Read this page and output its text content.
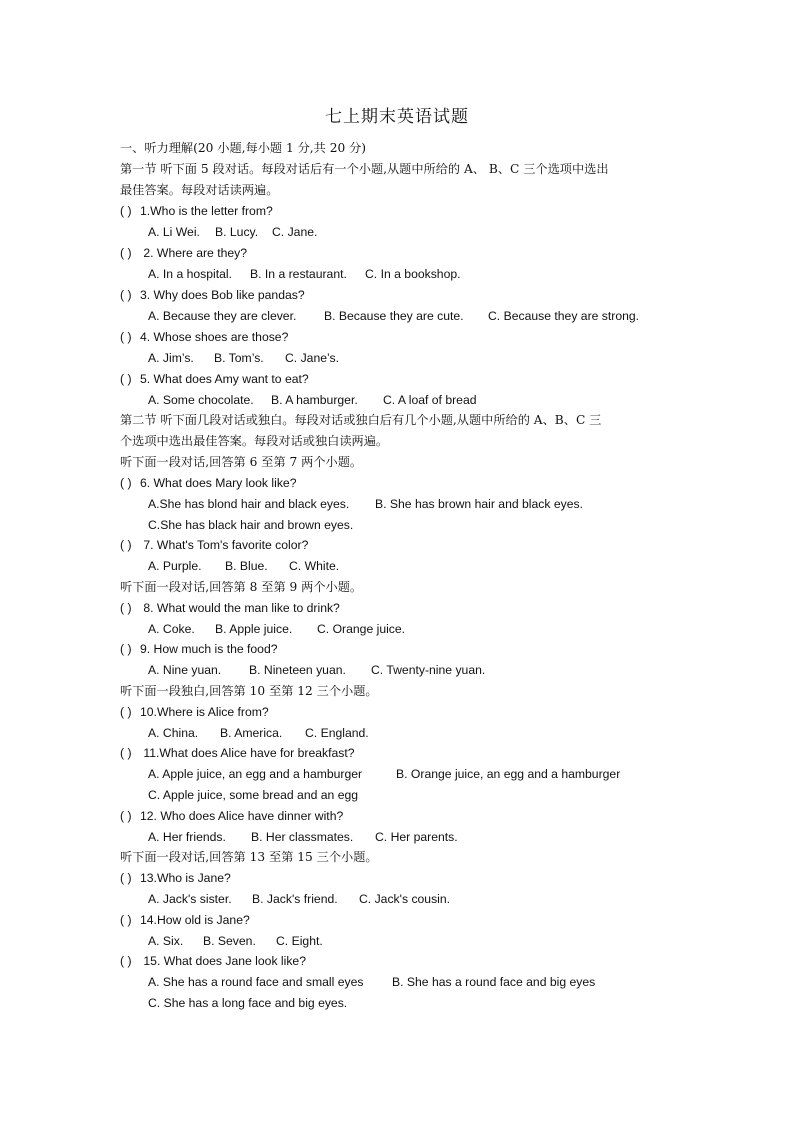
七上期末英语试题
一、听力理解(20 小题,每小题 1 分,共 20 分)
第一节 听下面 5 段对话。每段对话后有一个小题,从题中所给的 A、 B、C 三个选项中选出
最佳答案。每段对话读两遍。
( ) 1.Who is the letter from?
A. Li Wei. B. Lucy. C. Jane.
( ) 2. Where are they?
A. In a hospital. B. In a restaurant. C. In a bookshop.
( ) 3. Why does Bob like pandas?
A. Because they are clever. B. Because they are cute. C. Because they are strong.
( ) 4. Whose shoes are those?
A. Jim’s. B. Tom’s. C. Jane’s.
( ) 5. What does Amy want to eat?
A. Some chocolate. B. A hamburger. C. A loaf of bread
第二节 听下面几段对话或独白。每段对话或独白后有几个小题,从题中所给的 A、B、C 三
个选项中选出最佳答案。每段对话或独白读两遍。
听下面一段对话,回答第 6 至第 7 两个小题。
( ) 6. What does Mary look like?
A.She has blond hair and black eyes. B. She has brown hair and black eyes.
C.She has black hair and brown eyes.
( ) 7. What's Tom's favorite color?
A. Purple. B. Blue. C. White.
听下面一段对话,回答第 8 至第 9 两个小题。
( ) 8. What would the man like to drink?
A. Coke. B. Apple juice. C. Orange juice.
( ) 9. How much is the food?
A. Nine yuan. B. Nineteen yuan. C. Twenty-nine yuan.
听下面一段独白,回答第 10 至第 12 三个小题。
( ) 10.Where is Alice from?
A. China. B. America. C. England.
( ) 11.What does Alice have for breakfast?
A. Apple juice, an egg and a hamburger	B. Orange juice, an egg and a hamburger
C. Apple juice, some bread and an egg
( ) 12. Who does Alice have dinner with?
A. Her friends. B. Her classmates. C. Her parents.
听下面一段对话,回答第 13 至第 15 三个小题。
( ) 13.Who is Jane?
A. Jack's sister. B. Jack's friend. C. Jack's cousin.
( ) 14.How old is Jane?
A. Six. B. Seven. C. Eight.
( ) 15. What does Jane look like?
A. She has a round face and small eyes B. She has a round face and big eyes
C. She has a long face and big eyes.
